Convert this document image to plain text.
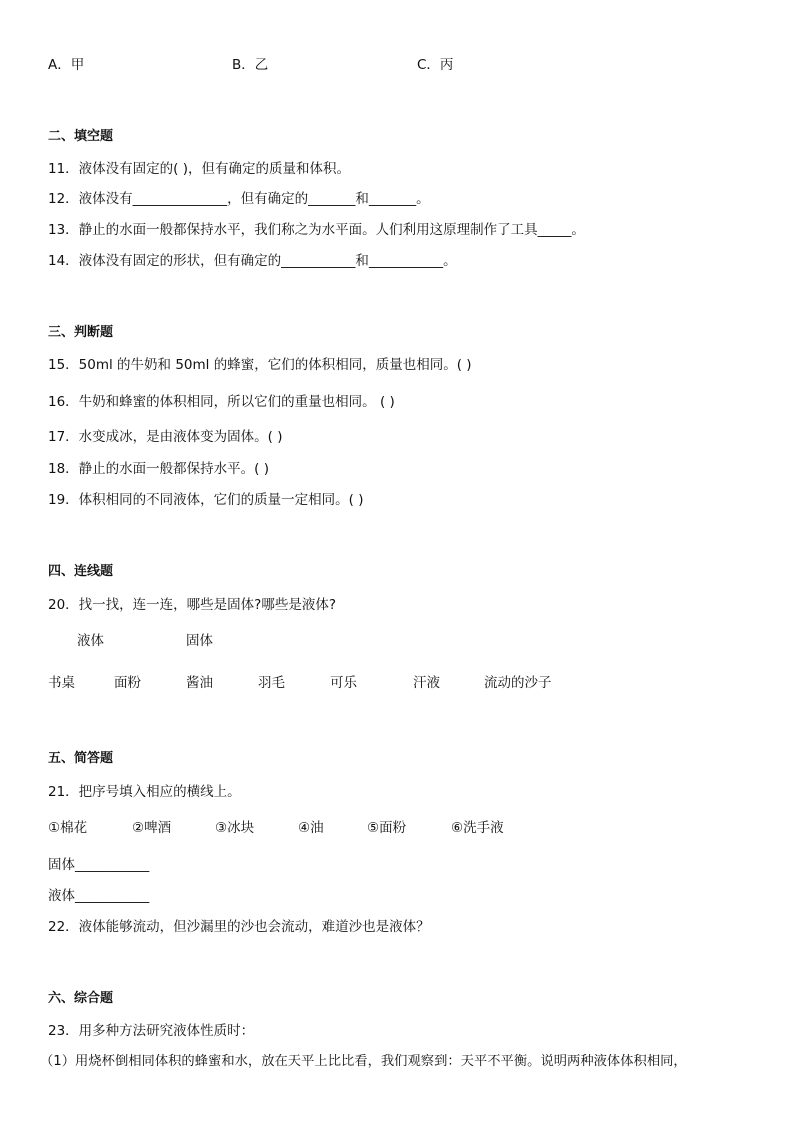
A．甲	B．乙	C．丙
二、填空题
11．液体没有固定的( )，但有确定的质量和体积。
12．液体没有______________，但有确定的_______和_______。
13．静止的水面一般都保持水平，我们称之为水平面。人们利用这原理制作了工具_____。
14．液体没有固定的形状，但有确定的___________和___________。
三、判断题
15．50ml 的牛奶和 50ml 的蜂蜜，它们的体积相同，质量也相同。( )
16．牛奶和蜂蜜的体积相同，所以它们的重量也相同。 ( )
17．水变成冰，是由液体变为固体。( )
18．静止的水面一般都保持水平。( )
19．体积相同的不同液体，它们的质量一定相同。( )
四、连线题
20．找一找，连一连，哪些是固体?哪些是液体?
液体	固体
书桌	面粉	酱油	羽毛	可乐	汗液	流动的沙子
五、简答题
21．把序号填入相应的横线上。
①棉花	②啤酒	③冰块	④油	⑤面粉	⑥洗手液
固体___________
液体___________
22．液体能够流动，但沙漏里的沙也会流动，难道沙也是液体？
六、综合题
23．用多种方法研究液体性质时：
（1）用烧杯倒相同体积的蜂蜜和水，放在天平上比比看，我们观察到：天平不平衡。说明两种液体体积相同，
